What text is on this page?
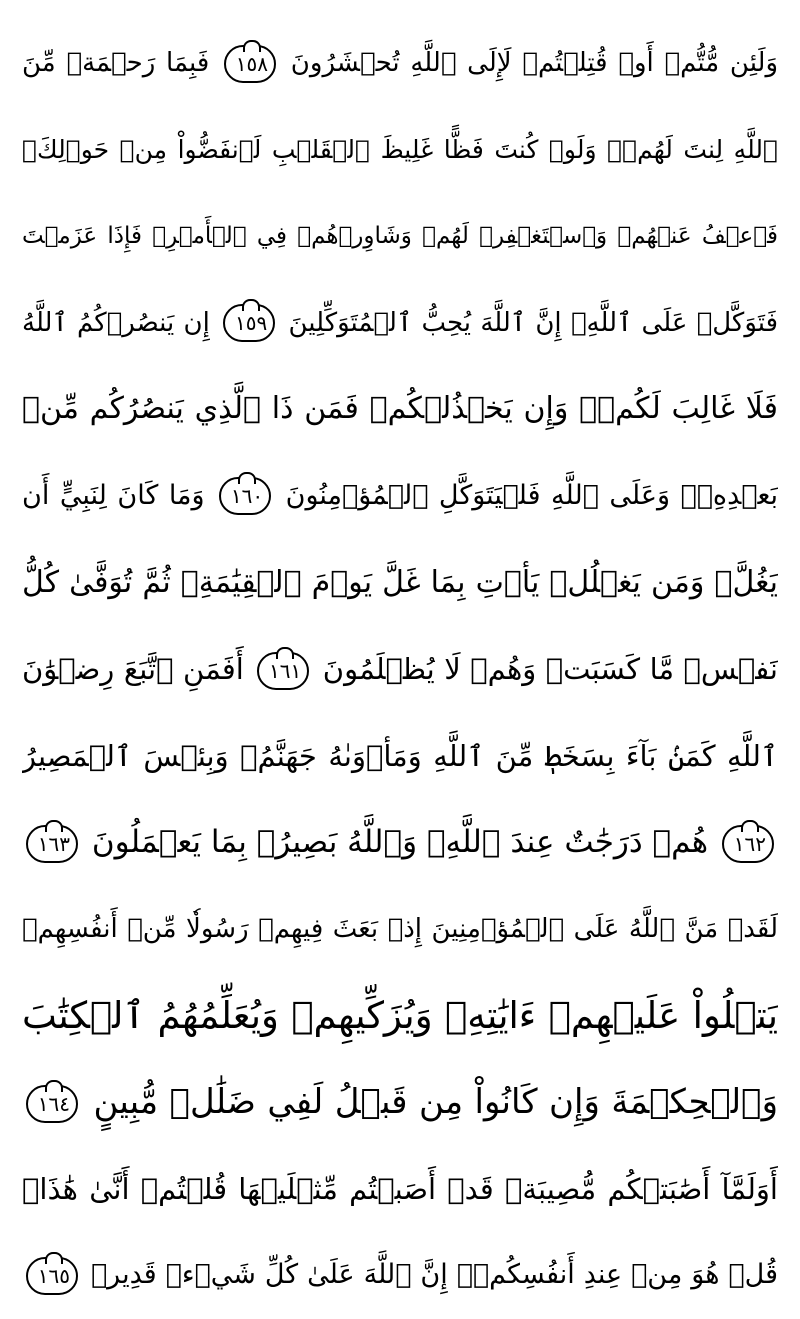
وَلَئِن مُّتُّمۡ أَوۡ قُتِلۡتُمۡ لَإِلَى ٱللَّهِ تُحۡشَرُونَ ١٥٨ فَبِمَا رَحۡمَةٖ مِّنَ
ٱللَّهِ لِنتَ لَهُمۡۖ وَلَوۡ كُنتَ فَظًّا غَلِيظَ ٱلۡقَلۡبِ لَٱنفَضُّواْ مِنۡ حَوۡلِكَۖ
فَٱعۡفُ عَنۡهُمۡ وَٱسۡتَغۡفِرۡ لَهُمۡ وَشَاوِرۡهُمۡ فِي ٱلۡأَمۡرِۖ فَإِذَا عَزَمۡتَ
فَتَوَكَّلۡ عَلَى ٱللَّهِۚ إِنَّ ٱللَّهَ يُحِبُّ ٱلۡمُتَوَكِّلِينَ ١٥٩ إِن يَنصُرۡكُمُ ٱللَّهُ
فَلَا غَالِبَ لَكُمۡۖ وَإِن يَخۡذُلۡكُمۡ فَمَن ذَا ٱلَّذِي يَنصُرُكُم مِّنۢ
بَعۡدِهِۦۗ وَعَلَى ٱللَّهِ فَلۡيَتَوَكَّلِ ٱلۡمُؤۡمِنُونَ ١٦٠ وَمَا كَانَ لِنَبِيٍّ أَن
يَغُلَّۚ وَمَن يَغۡلُلۡ يَأۡتِ بِمَا غَلَّ يَوۡمَ ٱلۡقِيَٰمَةِۚ ثُمَّ تُوَفَّىٰ كُلُّ
نَفۡسٖ مَّا كَسَبَتۡ وَهُمۡ لَا يُظۡلَمُونَ ١٦١ أَفَمَنِ ٱتَّبَعَ رِضۡوَٰنَ
ٱللَّهِ كَمَنۢ بَآءَ بِسَخَطٖ مِّنَ ٱللَّهِ وَمَأۡوَىٰهُ جَهَنَّمُۚ وَبِئۡسَ ٱلۡمَصِيرُ
١٦٢ هُمۡ دَرَجَٰتٌ عِندَ ٱللَّهِۗ وَٱللَّهُ بَصِيرُۢ بِمَا يَعۡمَلُونَ ١٦٣
لَقَدۡ مَنَّ ٱللَّهُ عَلَى ٱلۡمُؤۡمِنِينَ إِذۡ بَعَثَ فِيهِمۡ رَسُولٗا مِّنۡ أَنفُسِهِمۡ
يَتۡلُواْ عَلَيۡهِمۡ ءَايَٰتِهِۦ وَيُزَكِّيهِمۡ وَيُعَلِّمُهُمُ ٱلۡكِتَٰبَ
وَٱلۡحِكۡمَةَ وَإِن كَانُواْ مِن قَبۡلُ لَفِي ضَلَٰلٖ مُّبِينٍ ١٦٤
أَوَلَمَّآ أَصَٰبَتۡكُم مُّصِيبَةٞ قَدۡ أَصَبۡتُم مِّثۡلَيۡهَا قُلۡتُمۡ أَنَّىٰ هَٰذَاۖ
قُلۡ هُوَ مِنۡ عِندِ أَنفُسِكُمۡۗ إِنَّ ٱللَّهَ عَلَىٰ كُلِّ شَيۡءٖ قَدِيرٞ ١٦٥
